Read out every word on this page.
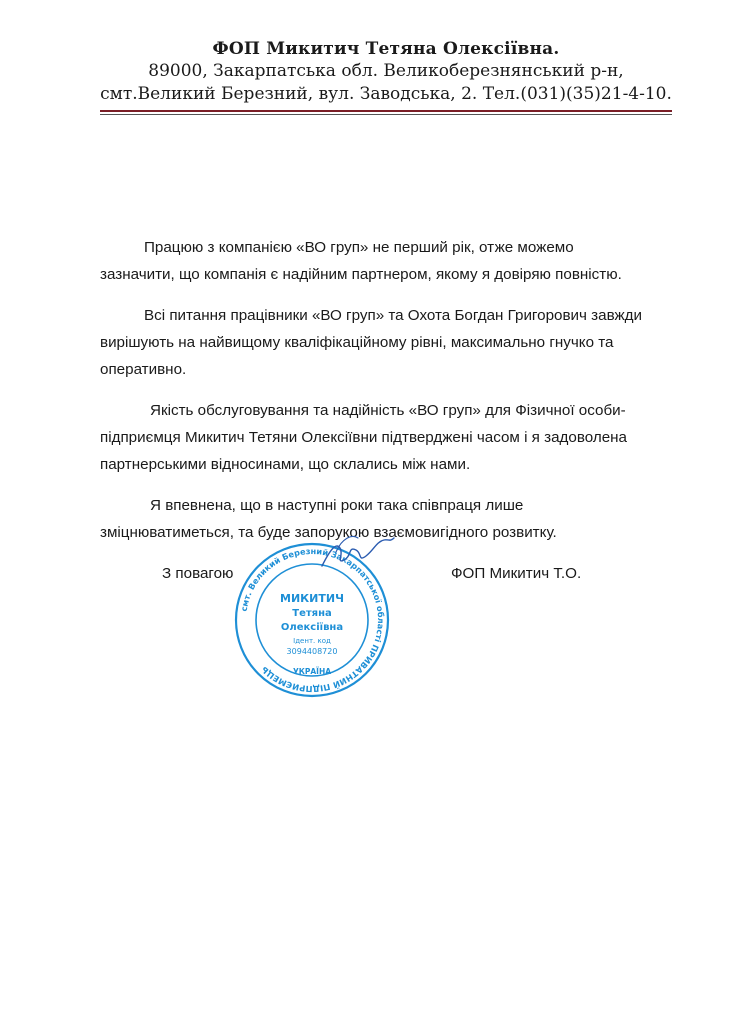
ФОП Микитич Тетяна Олексіївна.
89000, Закарпатська обл. Великоберезнянський р-н,
смт.Великий Березний, вул. Заводська, 2. Тел.(031)(35)21-4-10.

Працюю з компанією «ВО груп» не перший рік, отже можемо
зазначити, що компанія є надійним партнером, якому я довіряю повністю.

Всі питання працівники «ВО груп» та Охота Богдан Григорович завжди
вирішують на найвищому кваліфікаційному рівні, максимально гнучко та
оперативно.

Якість обслуговування та надійність «ВО груп» для Фізичної особи-
підприємця Микитич Тетяни Олексіївни підтверджені часом і я задоволена
партнерськими відносинами, що склались між нами.

Я впевнена, що в наступні роки така співпраця лише
зміцнюватиметься, та буде запорукою взаємовигідного розвитку.

З повагою	ФОП Микитич Т.О.
смт. Великий Березний Закарпатської області ПРИВАТНИЙ ПІДПРИЄМЕЦЬ
МИКИТИЧ
Тетяна
Олексіївна
Ідент. код
3094408720
УКРАЇНА
